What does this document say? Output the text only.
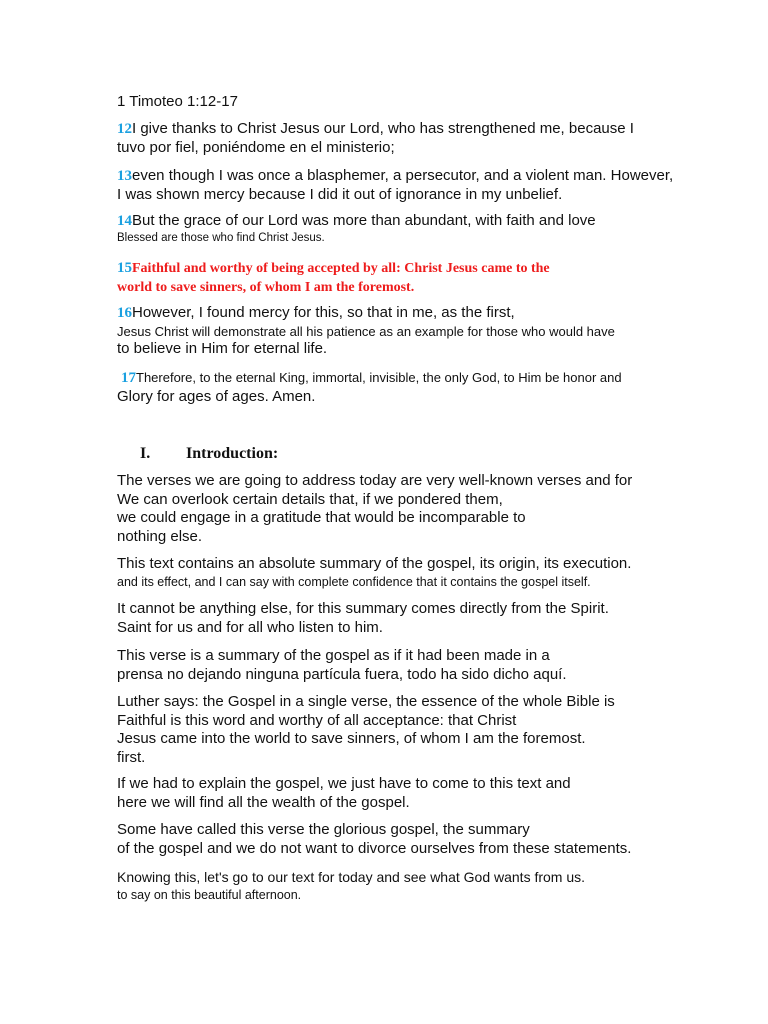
1 Timoteo 1:12-17
12I give thanks to Christ Jesus our Lord, who has strengthened me, because I
tuvo por fiel, poniéndome en el ministerio;
13even though I was once a blasphemer, a persecutor, and a violent man. However,
I was shown mercy because I did it out of ignorance in my unbelief.
14But the grace of our Lord was more than abundant, with faith and love
Blessed are those who find Christ Jesus.
15Faithful and worthy of being accepted by all: Christ Jesus came to the
world to save sinners, of whom I am the foremost.
16However, I found mercy for this, so that in me, as the first,
Jesus Christ will demonstrate all his patience as an example for those who would have
to believe in Him for eternal life.
17Therefore, to the eternal King, immortal, invisible, the only God, to Him be honor and
Glory for ages of ages. Amen.
I. Introduction:
The verses we are going to address today are very well-known verses and for
We can overlook certain details that, if we pondered them,
we could engage in a gratitude that would be incomparable to
nothing else.
This text contains an absolute summary of the gospel, its origin, its execution.
and its effect, and I can say with complete confidence that it contains the gospel itself.
It cannot be anything else, for this summary comes directly from the Spirit.
Saint for us and for all who listen to him.
This verse is a summary of the gospel as if it had been made in a
prensa no dejando ninguna partícula fuera, todo ha sido dicho aquí.
Luther says: the Gospel in a single verse, the essence of the whole Bible is
Faithful is this word and worthy of all acceptance: that Christ
Jesus came into the world to save sinners, of whom I am the foremost.
first.
If we had to explain the gospel, we just have to come to this text and
here we will find all the wealth of the gospel.
Some have called this verse the glorious gospel, the summary
of the gospel and we do not want to divorce ourselves from these statements.
Knowing this, let's go to our text for today and see what God wants from us.
to say on this beautiful afternoon.
